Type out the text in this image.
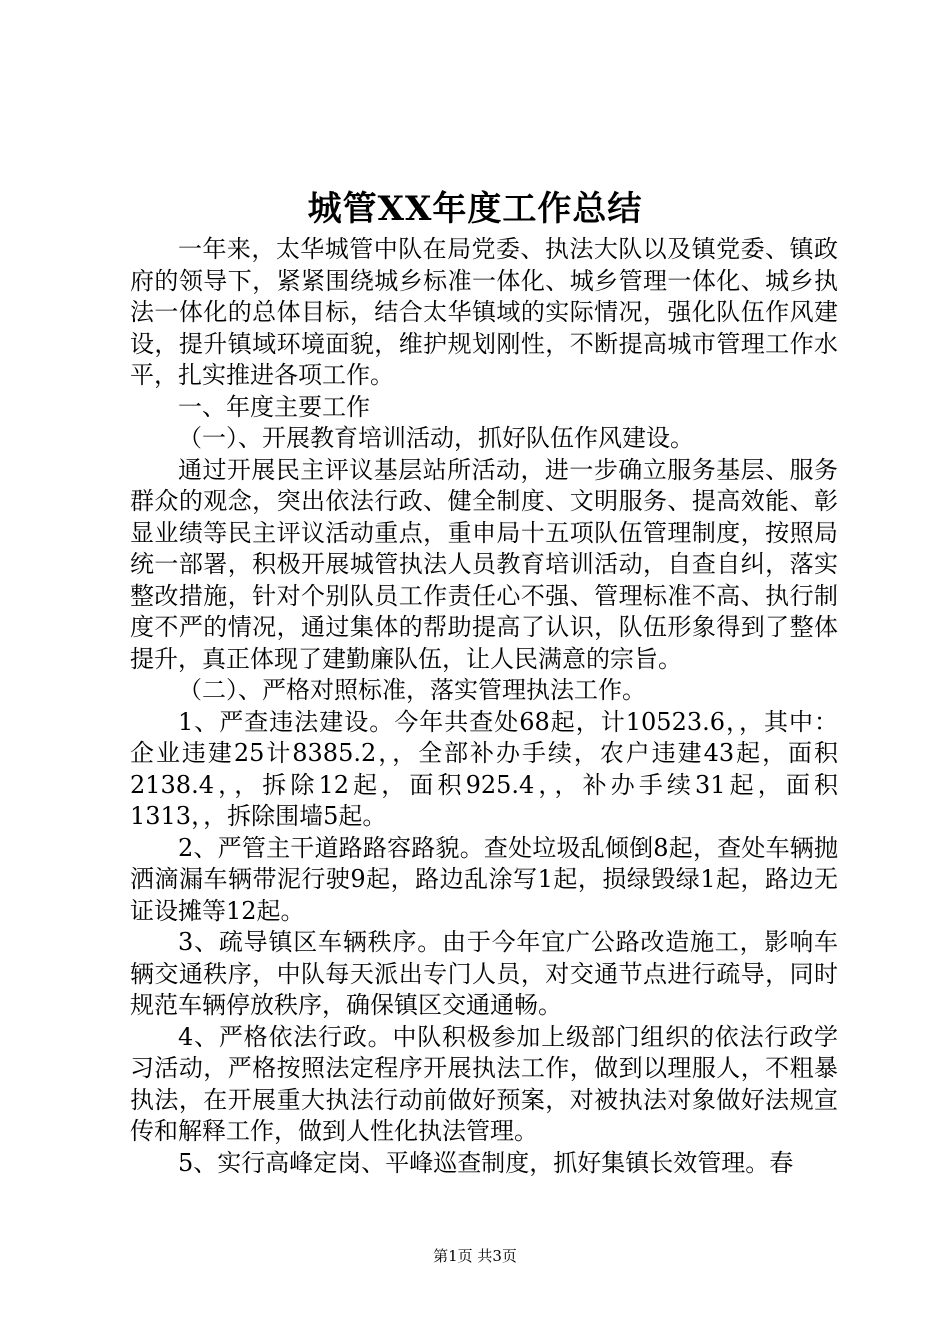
城管XX年度工作总结

一年来，太华城管中队在局党委、执法大队以及镇党委、镇政府的领导下，紧紧围绕城乡标准一体化、城乡管理一体化、城乡执法一体化的总体目标，结合太华镇域的实际情况，强化队伍作风建设，提升镇域环境面貌，维护规划刚性，不断提高城市管理工作水平，扎实推进各项工作。

一、年度主要工作

（一）、开展教育培训活动，抓好队伍作风建设。

通过开展民主评议基层站所活动，进一步确立服务基层、服务群众的观念，突出依法行政、健全制度、文明服务、提高效能、彰显业绩等民主评议活动重点，重申局十五项队伍管理制度，按照局统一部署，积极开展城管执法人员教育培训活动，自查自纠，落实整改措施，针对个别队员工作责任心不强、管理标准不高、执行制度不严的情况，通过集体的帮助提高了认识，队伍形象得到了整体提升，真正体现了建勤廉队伍，让人民满意的宗旨。

（二）、严格对照标准，落实管理执法工作。

1、严查违法建设。今年共查处68起，计10523.6，，其中：企业违建25计8385.2，，全部补办手续，农户违建43起，面积2138.4，，拆除12起，面积925.4，，补办手续31起，面积1313，，拆除围墙5起。

2、严管主干道路路容路貌。查处垃圾乱倾倒8起，查处车辆抛洒滴漏车辆带泥行驶9起，路边乱涂写1起，损绿毁绿1起，路边无证设摊等12起。

3、疏导镇区车辆秩序。由于今年宜广公路改造施工，影响车辆交通秩序，中队每天派出专门人员，对交通节点进行疏导，同时规范车辆停放秩序，确保镇区交通通畅。

4、严格依法行政。中队积极参加上级部门组织的依法行政学习活动，严格按照法定程序开展执法工作，做到以理服人，不粗暴执法，在开展重大执法行动前做好预案，对被执法对象做好法规宣传和解释工作，做到人性化执法管理。

5、实行高峰定岗、平峰巡查制度，抓好集镇长效管理。春

第1页 共3页
